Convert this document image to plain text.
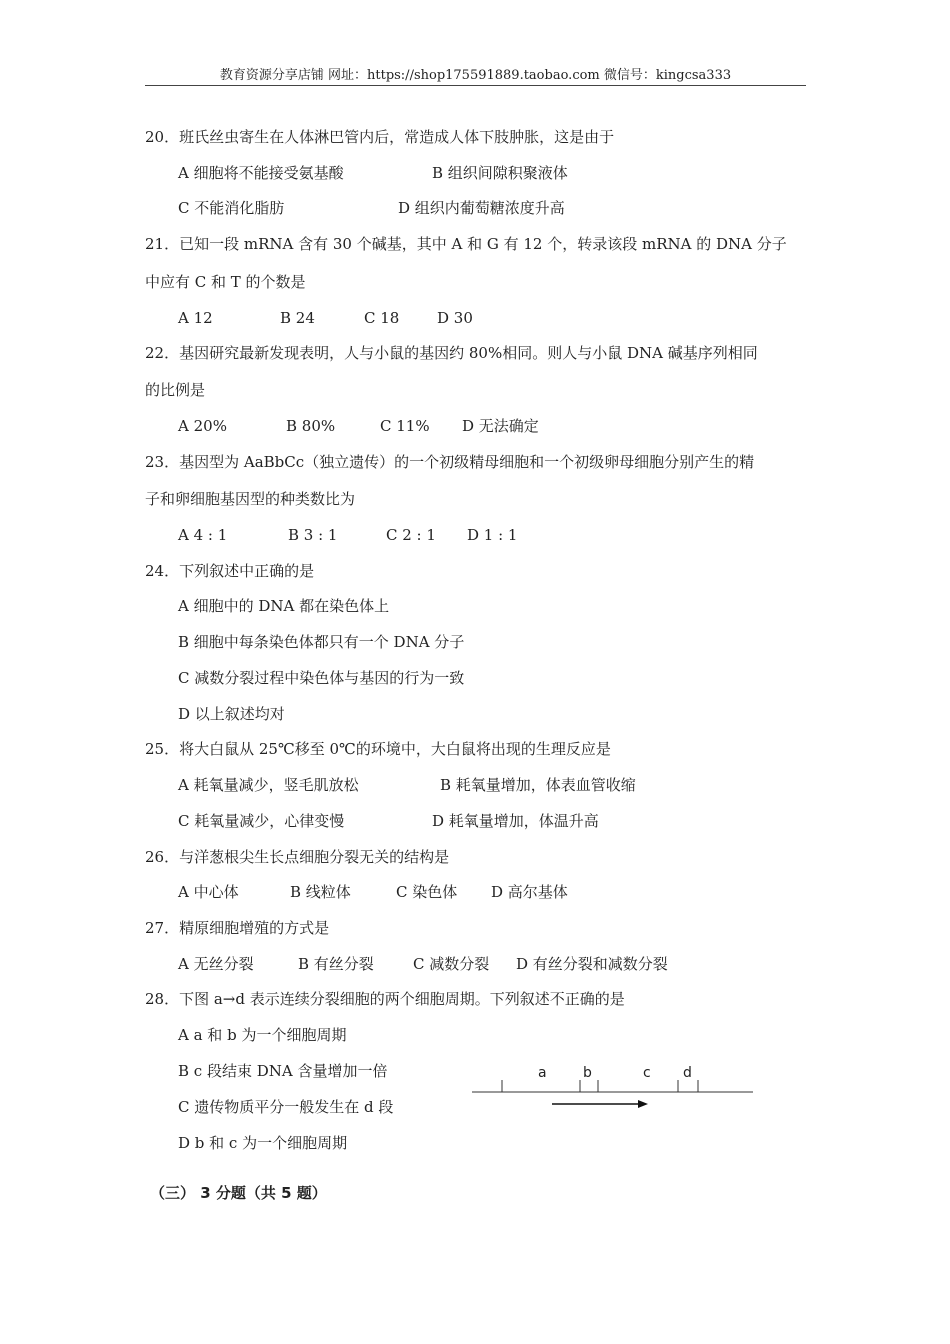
教育资源分享店铺 网址：https://shop175591889.taobao.com 微信号：kingcsa333
20．班氏丝虫寄生在人体淋巴管内后，常造成人体下肢肿胀，这是由于
A 细胞将不能接受氨基酸	B 组织间隙积聚液体
C 不能消化脂肪	D 组织内葡萄糖浓度升高
21．已知一段 mRNA 含有 30 个碱基，其中 A 和 G 有 12 个，转录该段 mRNA 的 DNA 分子
中应有 C 和 T 的个数是
A 12	B 24	C 18	D 30
22．基因研究最新发现表明，人与小鼠的基因约 80%相同。则人与小鼠 DNA 碱基序列相同
的比例是
A 20%	B 80%	C 11% D 无法确定
23．基因型为 AaBbCc（独立遗传）的一个初级精母细胞和一个初级卵母细胞分别产生的精
子和卵细胞基因型的种类数比为
A 4 : 1	B 3 : 1	C 2 : 1 D 1 : 1
24．下列叙述中正确的是
A 细胞中的 DNA 都在染色体上
B 细胞中每条染色体都只有一个 DNA 分子
C 减数分裂过程中染色体与基因的行为一致
D 以上叙述均对
25．将大白鼠从 25℃移至 0℃的环境中，大白鼠将出现的生理反应是
A 耗氧量减少，竖毛肌放松	B 耗氧量增加，体表血管收缩
C 耗氧量减少，心律变慢	D 耗氧量增加，体温升高
26．与洋葱根尖生长点细胞分裂无关的结构是
A 中心体	B 线粒体	C 染色体 D 高尔基体
27．精原细胞增殖的方式是
A 无丝分裂	B 有丝分裂	C 减数分裂 D 有丝分裂和减数分裂
28．下图 a→d 表示连续分裂细胞的两个细胞周期。下列叙述不正确的是
A a 和 b 为一个细胞周期
B c 段结束 DNA 含量增加一倍
C 遗传物质平分一般发生在 d 段
D b 和 c 为一个细胞周期
a	b	c d
（三） 3 分题（共 5 题）
